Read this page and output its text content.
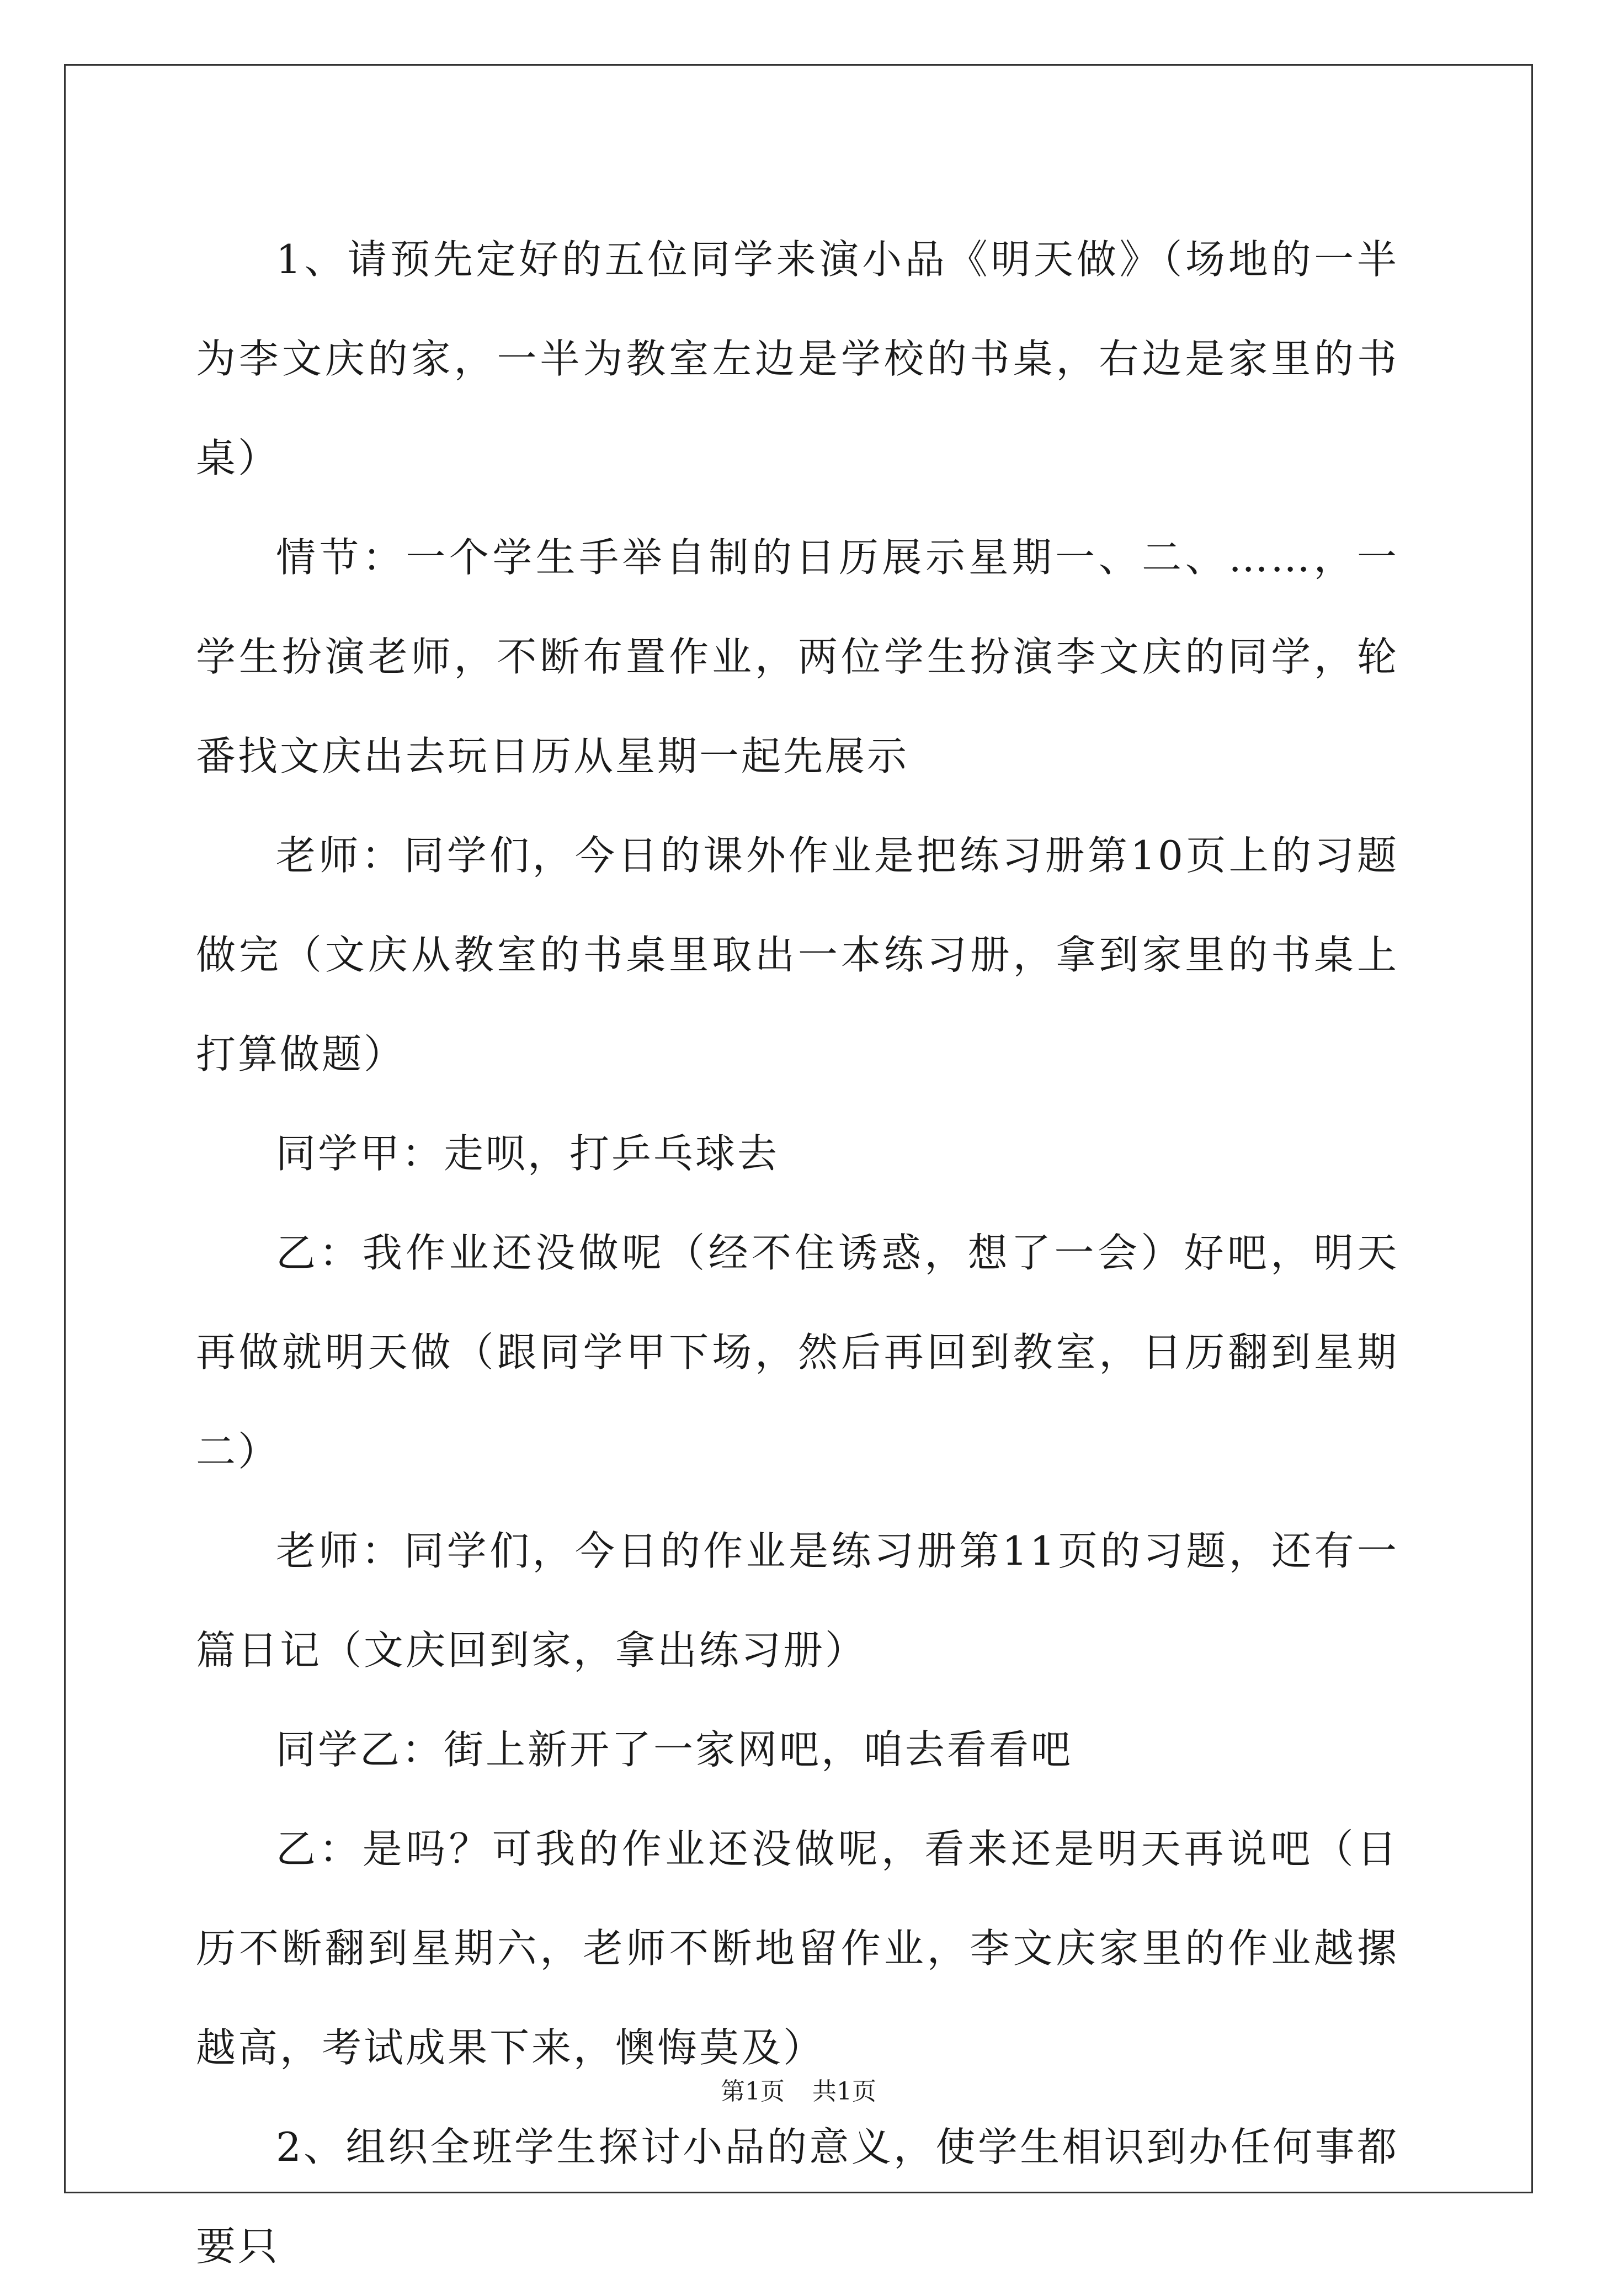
1、请预先定好的五位同学来演小品《明天做》（场地的一半为李文庆的家，一半为教室左边是学校的书桌，右边是家里的书桌）

情节：一个学生手举自制的日历展示星期一、二、……，一学生扮演老师，不断布置作业，两位学生扮演李文庆的同学，轮番找文庆出去玩日历从星期一起先展示

老师：同学们，今日的课外作业是把练习册第10页上的习题做完（文庆从教室的书桌里取出一本练习册，拿到家里的书桌上打算做题）

同学甲：走呗，打乒乓球去

乙：我作业还没做呢（经不住诱惑，想了一会）好吧，明天再做就明天做（跟同学甲下场，然后再回到教室，日历翻到星期二）

老师：同学们，今日的作业是练习册第11页的习题，还有一篇日记（文庆回到家，拿出练习册）

同学乙：街上新开了一家网吧，咱去看看吧

乙：是吗？可我的作业还没做呢，看来还是明天再说吧（日历不断翻到星期六，老师不断地留作业，李文庆家里的作业越摞越高，考试成果下来，懊悔莫及）

2、组织全班学生探讨小品的意义，使学生相识到办任何事都要只

第1页 共1页
